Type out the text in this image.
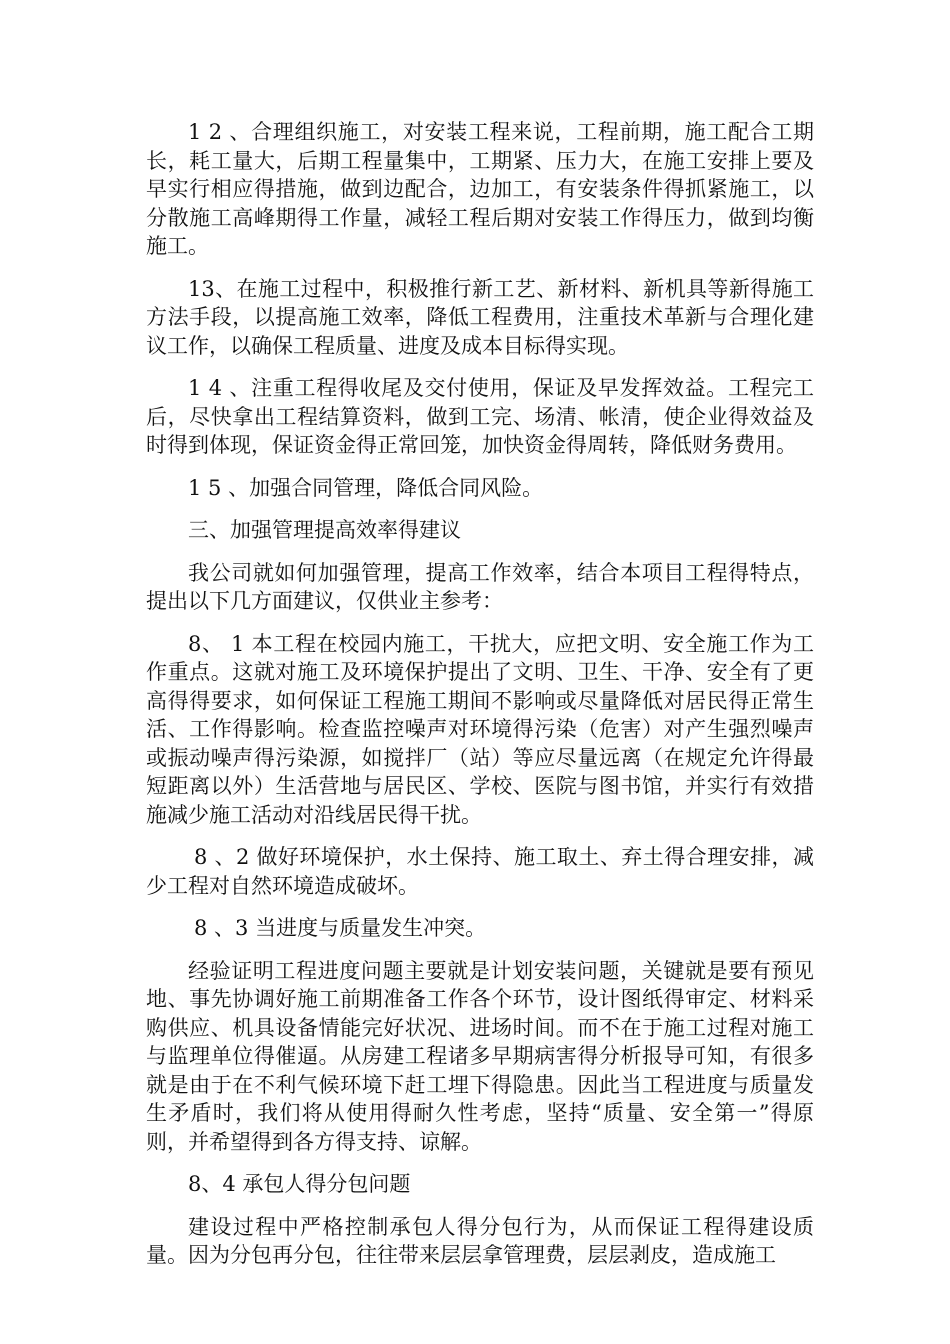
1 2 、合理组织施工，对安装工程来说，工程前期，施工配合工期长，耗工量大，后期工程量集中，工期紧、压力大，在施工安排上要及早实行相应得措施，做到边配合，边加工，有安装条件得抓紧施工，以分散施工高峰期得工作量，减轻工程后期对安装工作得压力，做到均衡施工。

13、在施工过程中，积极推行新工艺、新材料、新机具等新得施工方法手段，以提高施工效率，降低工程费用，注重技术革新与合理化建议工作，以确保工程质量、进度及成本目标得实现。

1 4 、注重工程得收尾及交付使用，保证及早发挥效益。工程完工后，尽快拿出工程结算资料，做到工完、场清、帐清，使企业得效益及时得到体现，保证资金得正常回笼，加快资金得周转，降低财务费用。

1 5 、加强合同管理，降低合同风险。

三、加强管理提高效率得建议

我公司就如何加强管理，提高工作效率，结合本项目工程得特点，提出以下几方面建议，仅供业主参考：

8、 1 本工程在校园内施工，干扰大，应把文明、安全施工作为工作重点。这就对施工及环境保护提出了文明、卫生、干净、安全有了更高得得要求，如何保证工程施工期间不影响或尽量降低对居民得正常生活、工作得影响。检查监控噪声对环境得污染（危害）对产生强烈噪声或振动噪声得污染源，如搅拌厂（站）等应尽量远离（在规定允许得最短距离以外）生活营地与居民区、学校、医院与图书馆，并实行有效措施减少施工活动对沿线居民得干扰。

8 、2 做好环境保护，水土保持、施工取土、弃土得合理安排，减少工程对自然环境造成破坏。

8 、3 当进度与质量发生冲突。

经验证明工程进度问题主要就是计划安装问题，关键就是要有预见地、事先协调好施工前期准备工作各个环节，设计图纸得审定、材料采购供应、机具设备情能完好状况、进场时间。而不在于施工过程对施工与监理单位得催逼。从房建工程诸多早期病害得分析报导可知，有很多就是由于在不利气候环境下赶工埋下得隐患。因此当工程进度与质量发生矛盾时，我们将从使用得耐久性考虑，坚持“质量、安全第一”得原则，并希望得到各方得支持、谅解。

8、4 承包人得分包问题

建设过程中严格控制承包人得分包行为，从而保证工程得建设质量。因为分包再分包，往往带来层层拿管理费，层层剥皮，造成施工
